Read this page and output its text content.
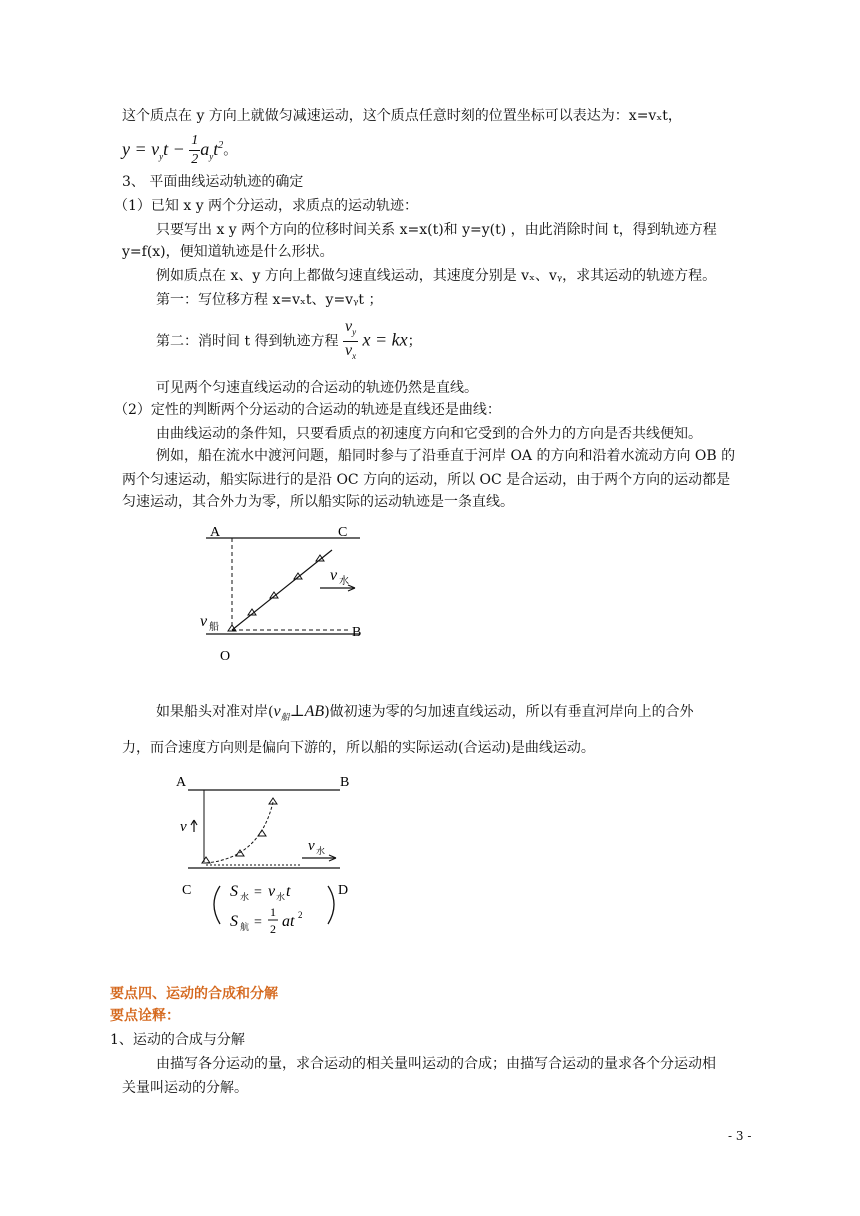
这个质点在 y 方向上就做匀减速运动，这个质点任意时刻的位置坐标可以表达为：x=vₓt，
$y = v_yt - \frac{1}{2} a_yt^2$。
3、 平面曲线运动轨迹的确定
（1）已知 x y 两个分运动，求质点的运动轨迹：
只要写出 x y 两个方向的位移时间关系 x=x(t)和 y=y(t) ，由此消除时间 t，得到轨迹方程
y=f(x)，便知道轨迹是什么形状。
例如质点在 x、y 方向上都做匀速直线运动，其速度分别是 vₓ、vᵧ，求其运动的轨迹方程。
第一：写位移方程 x=vₓt、y=vᵧt ；
第二：消时间 t 得到轨迹方程 $\frac{v_y}{v_x}$ x = kx；
可见两个匀速直线运动的合运动的轨迹仍然是直线。
（2）定性的判断两个分运动的合运动的轨迹是直线还是曲线：
由曲线运动的条件知，只要看质点的初速度方向和它受到的合外力的方向是否共线便知。
例如，船在流水中渡河问题，船同时参与了沿垂直于河岸 OA 的方向和沿着水流动方向 OB 的
两个匀速运动，船实际进行的是沿 OC 方向的运动，所以 OC 是合运动，由于两个方向的运动都是
匀速运动，其合外力为零，所以船实际的运动轨迹是一条直线。
A	C
B
O
v 水
v 船
如果船头对准对岸$(v_船\perp AB)$做初速为零的匀加速直线运动，所以有垂直河岸向上的合外
力，而合速度方向则是偏向下游的，所以船的实际运动(合运动)是曲线运动。
A	B
C	D
v
v 水
S 水 = v 水 t
S 航 =
1
2 at 2
要点四、运动的合成和分解
要点诠释：
1、运动的合成与分解
由描写各分运动的量，求合运动的相关量叫运动的合成；由描写合运动的量求各个分运动相
关量叫运动的分解。
- 3 -
